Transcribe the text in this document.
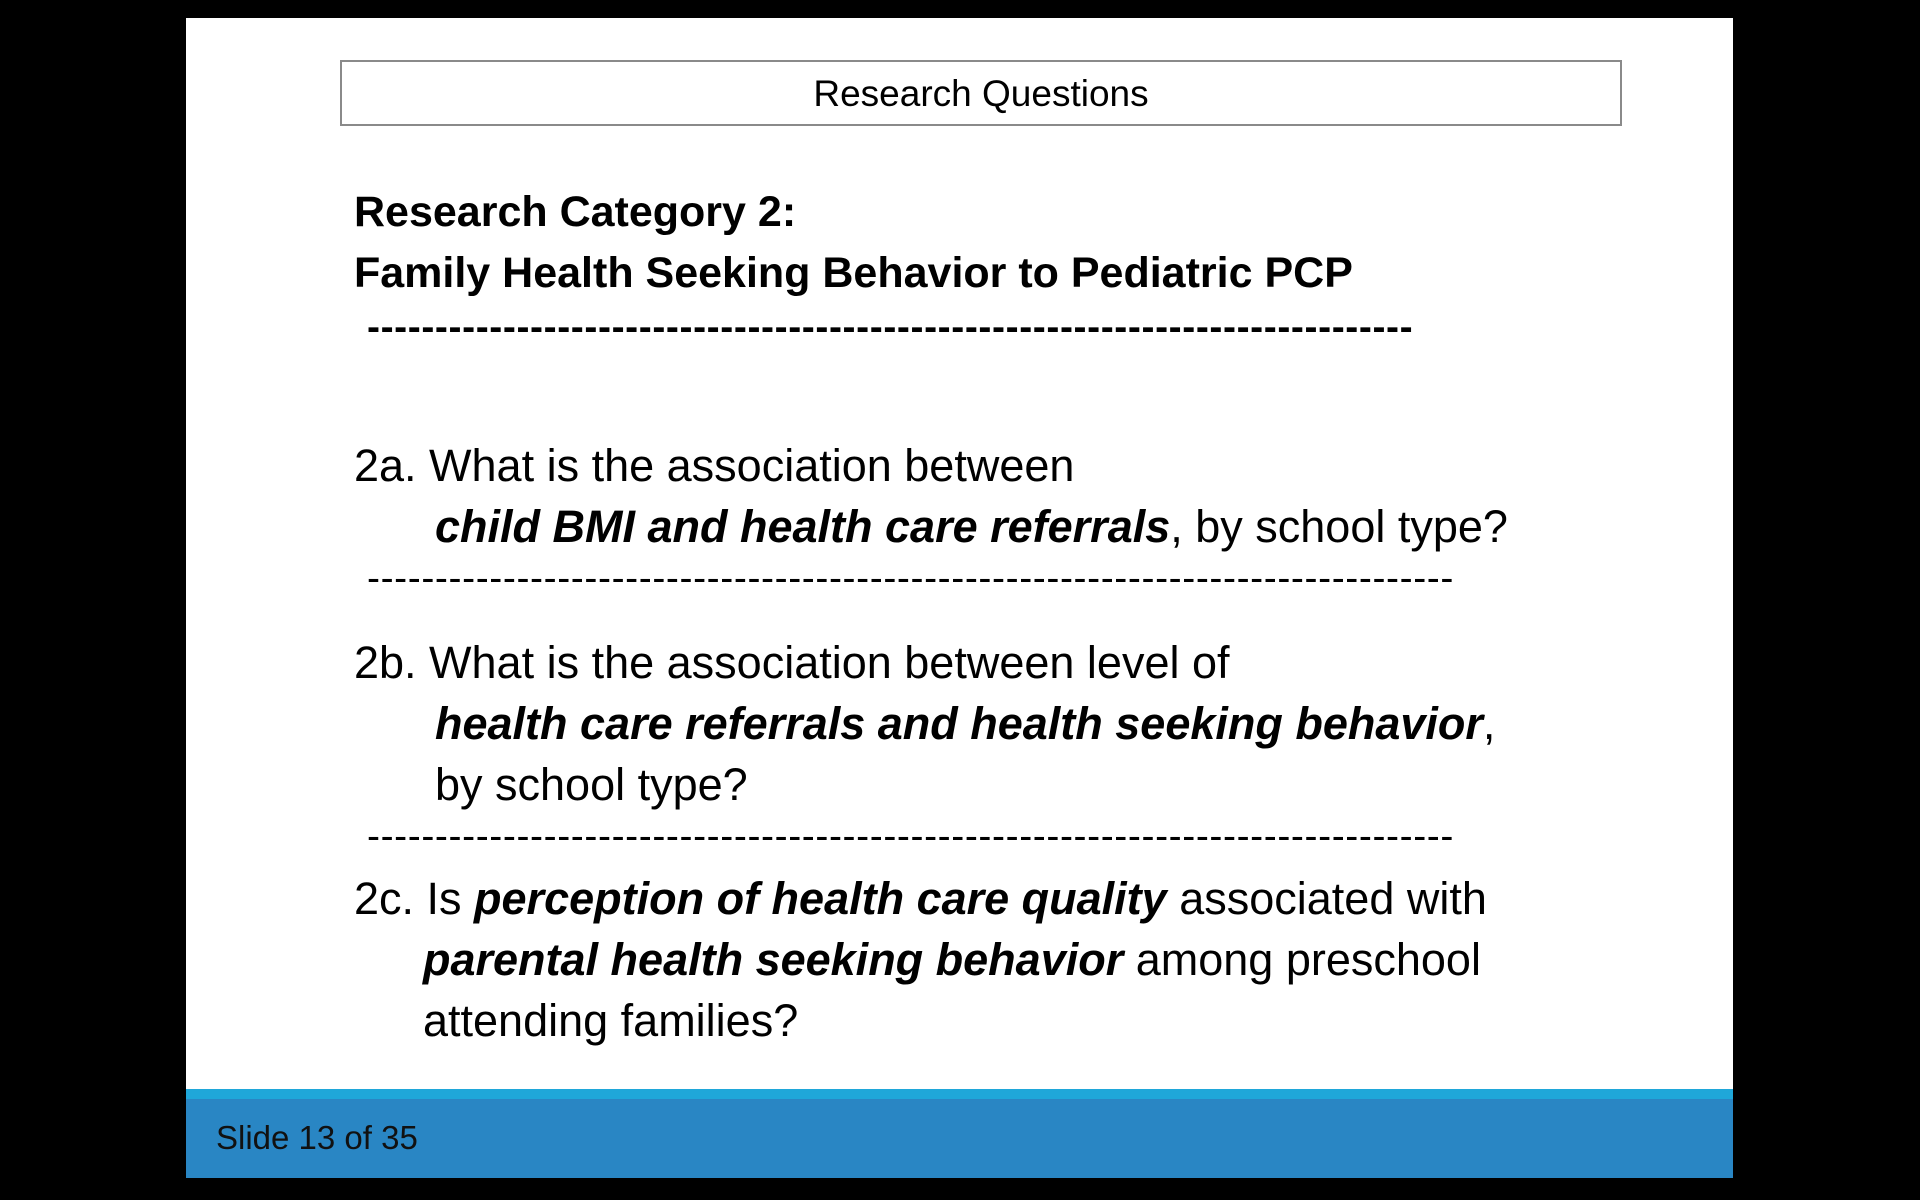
Research Questions
Research Category 2:
Family Health Seeking Behavior to Pediatric PCP
-----------------------------------------------------------------------------
2a. What is the association between
child BMI and health care referrals, by school type?
--------------------------------------------------------------------------------
2b. What is the association between level of
health care referrals and health seeking behavior,
by school type?
--------------------------------------------------------------------------------
2c. Is perception of health care quality associated with
parental health seeking behavior among preschool
attending families?
Slide 13 of 35
